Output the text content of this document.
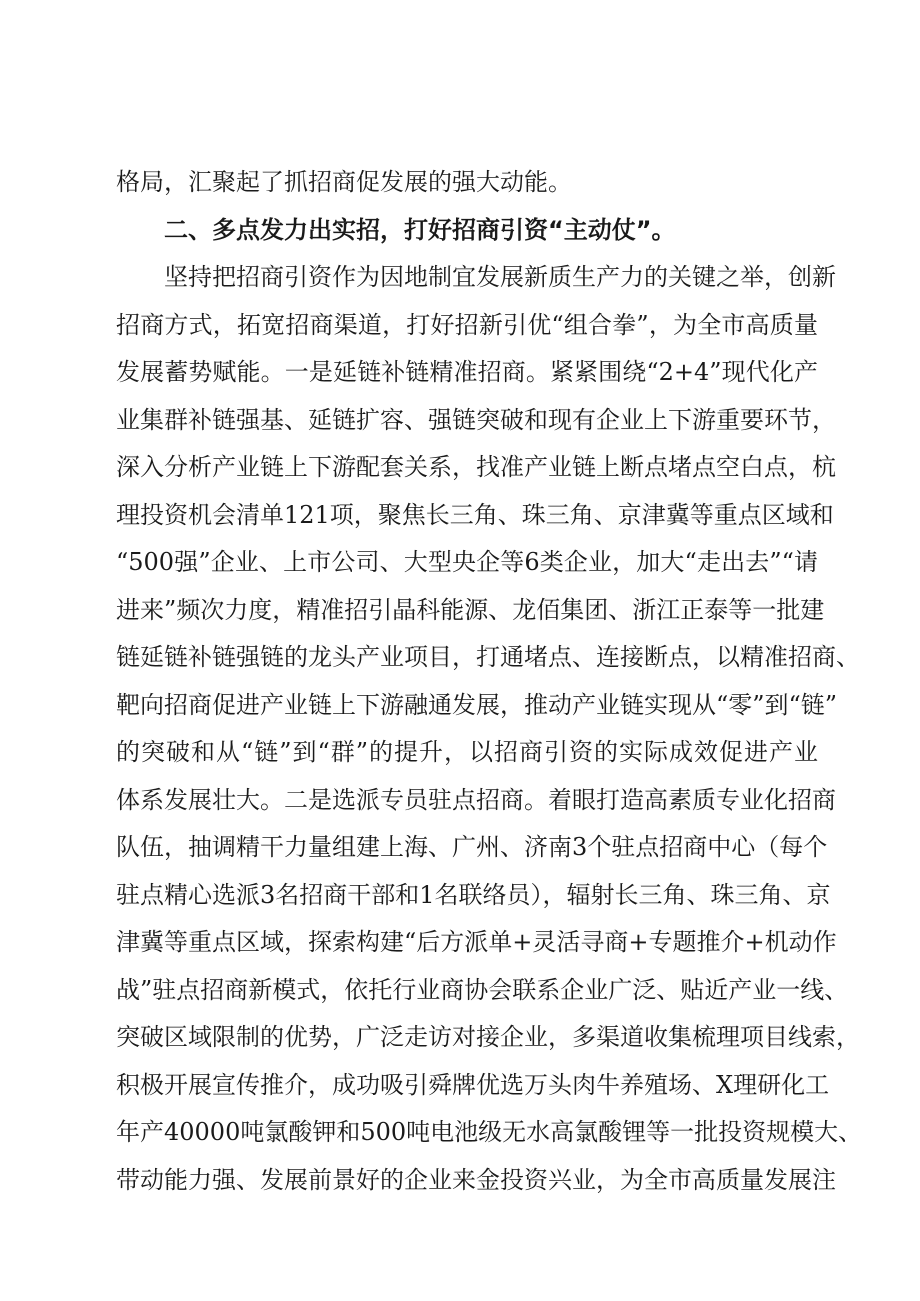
格局，汇聚起了抓招商促发展的强大动能。
二、多点发力出实招，打好招商引资“主动仗”。
坚持把招商引资作为因地制宜发展新质生产力的关键之举，创新
招商方式，拓宽招商渠道，打好招新引优“组合拳”，为全市高质量
发展蓄势赋能。一是延链补链精准招商。紧紧围绕“2+4”现代化产
业集群补链强基、延链扩容、强链突破和现有企业上下游重要环节，
深入分析产业链上下游配套关系，找准产业链上断点堵点空白点，杭
理投资机会清单121项，聚焦长三角、珠三角、京津冀等重点区域和
“500强”企业、上市公司、大型央企等6类企业，加大“走出去”“请
进来”频次力度，精准招引晶科能源、龙佰集团、浙江正泰等一批建
链延链补链强链的龙头产业项目，打通堵点、连接断点，以精准招商、
靶向招商促进产业链上下游融通发展，推动产业链实现从“零”到“链”
的突破和从“链”到“群”的提升，以招商引资的实际成效促进产业
体系发展壮大。二是选派专员驻点招商。着眼打造高素质专业化招商
队伍，抽调精干力量组建上海、广州、济南3个驻点招商中心（每个
驻点精心选派3名招商干部和1名联络员），辐射长三角、珠三角、京
津冀等重点区域，探索构建“后方派单+灵活寻商+专题推介+机动作
战”驻点招商新模式，依托行业商协会联系企业广泛、贴近产业一线、
突破区域限制的优势，广泛走访对接企业，多渠道收集梳理项目线索，
积极开展宣传推介，成功吸引舜牌优选万头肉牛养殖场、X理研化工
年产40000吨氯酸钾和500吨电池级无水高氯酸锂等一批投资规模大、
带动能力强、发展前景好的企业来金投资兴业，为全市高质量发展注
